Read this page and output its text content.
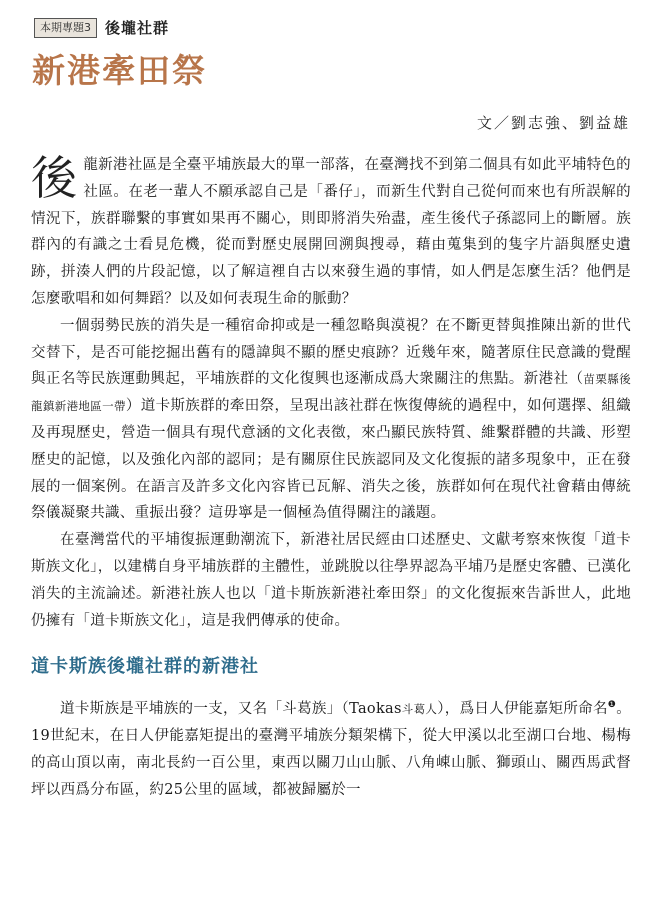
本期專題3 後壠社群
新港牽田祭
文／劉志強、劉益雄

後龍新港社區是全臺平埔族最大的單一部落，在臺灣找不到第二個具有如此平埔特色的社區。在老一輩人不願承認自己是「番仔」，而新生代對自己從何而來也有所誤解的情況下，族群聯繫的事實如果再不關心，則即將消失殆盡，產生後代子孫認同上的斷層。族群內的有識之士看見危機，從而對歷史展開回溯與搜尋，藉由蒐集到的隻字片語與歷史遺跡，拼湊人們的片段記憶，以了解這裡自古以來發生過的事情，如人們是怎麼生活？他們是怎麼歌唱和如何舞蹈？以及如何表現生命的脈動？

一個弱勢民族的消失是一種宿命抑或是一種忽略與漠視？在不斷更替與推陳出新的世代交替下，是否可能挖掘出舊有的隱諱與不顯的歷史痕跡？近幾年來，隨著原住民意識的覺醒與正名等民族運動興起，平埔族群的文化復興也逐漸成爲大衆關注的焦點。新港社（苗栗縣後龍鎮新港地區一帶）道卡斯族群的牽田祭，呈現出該社群在恢復傳統的過程中，如何選擇、組織及再現歷史，營造一個具有現代意涵的文化表徵，來凸顯民族特質、維繫群體的共識、形塑歷史的記憶，以及強化內部的認同；是有關原住民族認同及文化復振的諸多現象中，正在發展的一個案例。在語言及許多文化內容皆已瓦解、消失之後，族群如何在現代社會藉由傳統祭儀凝聚共識、重振出發？這毋寧是一個極為值得關注的議題。

在臺灣當代的平埔復振運動潮流下，新港社居民經由口述歷史、文獻考察來恢復「道卡斯族文化」，以建構自身平埔族群的主體性，並跳脫以往學界認為平埔乃是歷史客體、已漢化消失的主流論述。新港社族人也以「道卡斯族新港社牽田祭」的文化復振來告訴世人，此地仍擁有「道卡斯族文化」，這是我們傳承的使命。

道卡斯族後壠社群的新港社

道卡斯族是平埔族的一支，又名「斗葛族」（Taokas斗葛人），爲日人伊能嘉矩所命名$^❶$。19世紀末，在日人伊能嘉矩提出的臺灣平埔族分類架構下，從大甲溪以北至湖口台地、楊梅的高山頂以南，南北長約一百公里，東西以關刀山山脈、八角崠山脈、獅頭山、關西馬武督坪以西爲分布區，約25公里的區域，都被歸屬於一
